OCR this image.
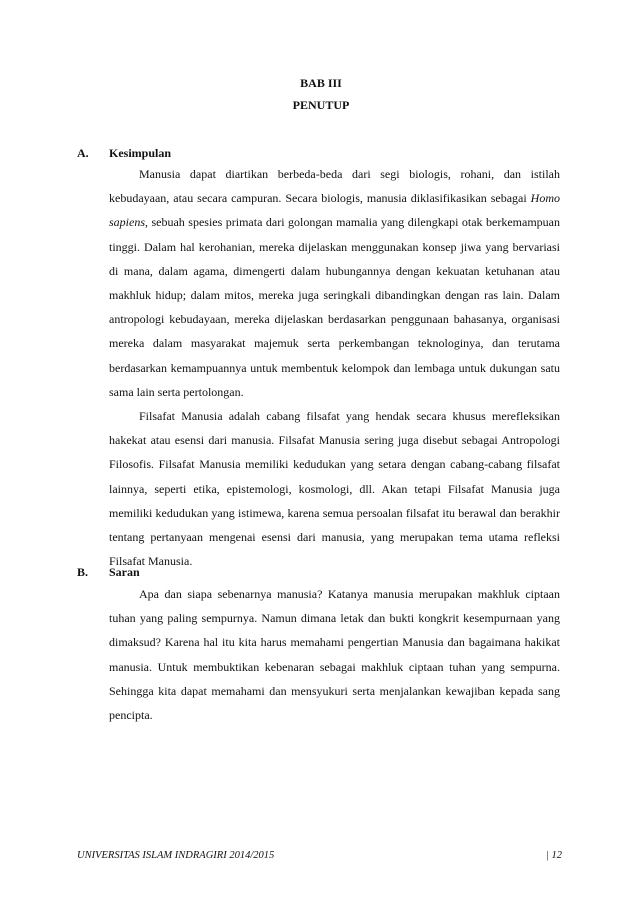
BAB III
PENUTUP
A. Kesimpulan

Manusia dapat diartikan berbeda-beda dari segi biologis, rohani, dan istilah kebudayaan, atau secara campuran. Secara biologis, manusia diklasifikasikan sebagai Homo sapiens, sebuah spesies primata dari golongan mamalia yang dilengkapi otak berkemampuan tinggi. Dalam hal kerohanian, mereka dijelaskan menggunakan konsep jiwa yang bervariasi di mana, dalam agama, dimengerti dalam hubungannya dengan kekuatan ketuhanan atau makhluk hidup; dalam mitos, mereka juga seringkali dibandingkan dengan ras lain. Dalam antropologi kebudayaan, mereka dijelaskan berdasarkan penggunaan bahasanya, organisasi mereka dalam masyarakat majemuk serta perkembangan teknologinya, dan terutama berdasarkan kemampuannya untuk membentuk kelompok dan lembaga untuk dukungan satu sama lain serta pertolongan.

Filsafat Manusia adalah cabang filsafat yang hendak secara khusus merefleksikan hakekat atau esensi dari manusia. Filsafat Manusia sering juga disebut sebagai Antropologi Filosofis. Filsafat Manusia memiliki kedudukan yang setara dengan cabang-cabang filsafat lainnya, seperti etika, epistemologi, kosmologi, dll. Akan tetapi Filsafat Manusia juga memiliki kedudukan yang istimewa, karena semua persoalan filsafat itu berawal dan berakhir tentang pertanyaan mengenai esensi dari manusia, yang merupakan tema utama refleksi Filsafat Manusia.

B. Saran

Apa dan siapa sebenarnya manusia? Katanya manusia merupakan makhluk ciptaan tuhan yang paling sempurnya. Namun dimana letak dan bukti kongkrit kesempurnaan yang dimaksud? Karena hal itu kita harus memahami pengertian Manusia dan bagaimana hakikat manusia. Untuk membuktikan kebenaran sebagai makhluk ciptaan tuhan yang sempurna. Sehingga kita dapat memahami dan mensyukuri serta menjalankan kewajiban kepada sang pencipta.

UNIVERSITAS ISLAM INDRAGIRI 2014/2015	| 12
